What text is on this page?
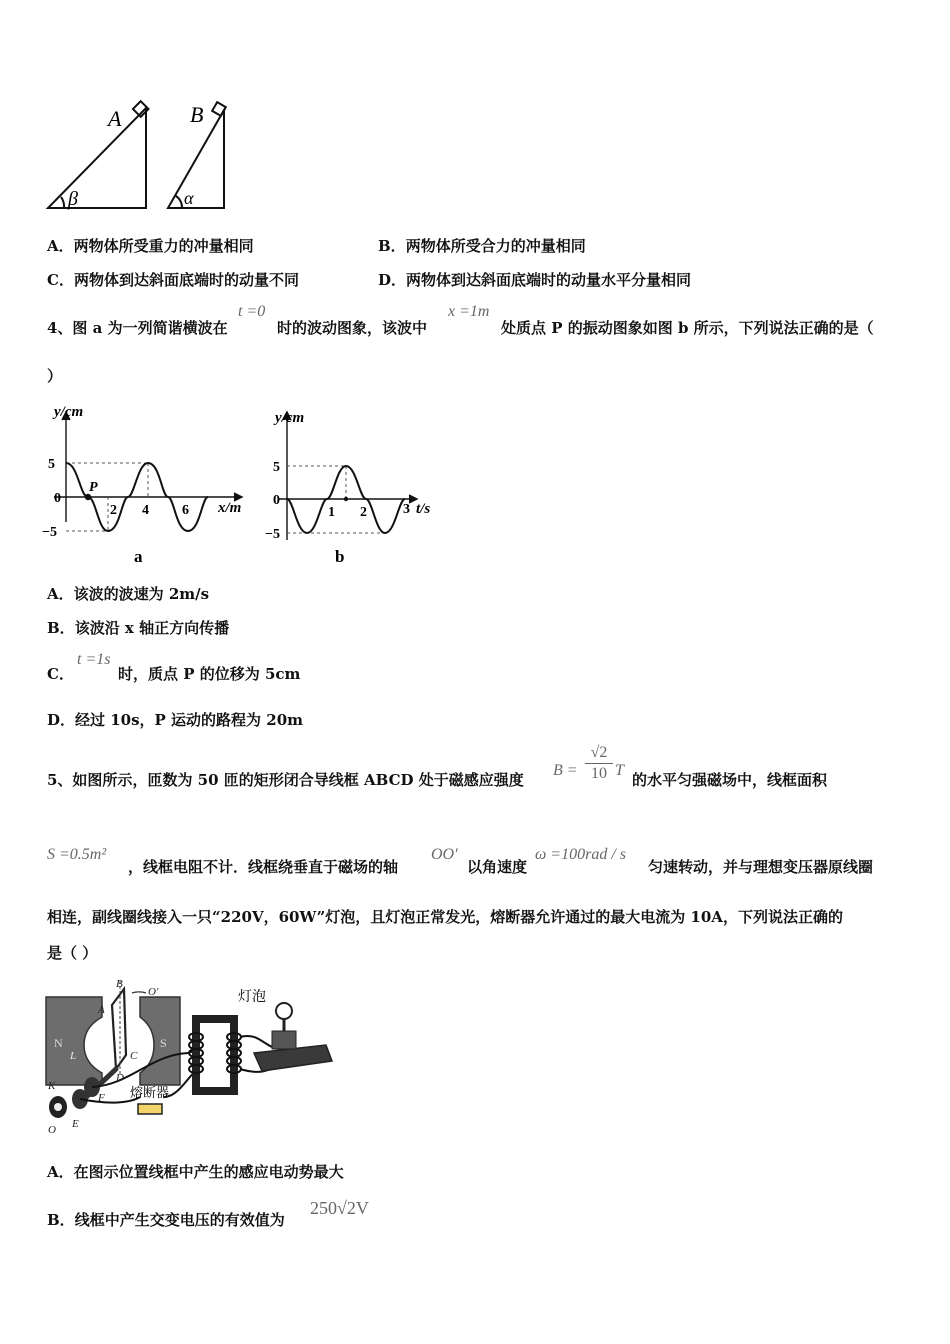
A	B
β	α
A．两物体所受重力的冲量相同	B．两物体所受合力的冲量相同
C．两物体到达斜面底端时的动量不同	D．两物体到达斜面底端时的动量水平分量相同
4、图 a 为一列简谐横波在
t =0
时的波动图象，该波中
x =1m
处质点 P 的振动图象如图 b 所示，下列说法正确的是（
）
y/cm
5
0
−5
2 4 6 x/m
P
a
y/cm
5
0
−5
1 2	3 t/s
b
A．该波的波速为 2m/s
B．该波沿 x 轴正方向传播
C．
t =1s
时，质点 P 的位移为 5cm
D．经过 10s，P 运动的路程为 20m
5、如图所示，匝数为 50 匝的矩形闭合导线框 ABCD 处于磁感应强度
$B = \frac{√2}{10}$ T
的水平匀强磁场中，线框面积
S =0.5m²
，线框电阻不计．线框绕垂直于磁场的轴
OO′
以角速度
ω =100rad / s
匀速转动，并与理想变压器原线圈
相连，副线圈线接入一只“220V，60W”灯泡，且灯泡正常发光，熔断器允许通过的最大电流为 10A，下列说法正确的
是（ ）
N	S
熔断器
灯泡
B
A
O′
C
D
L
K
F
E
O
A．在图示位置线框中产生的感应电动势最大
B．线框中产生交变电压的有效值为
250√2V
